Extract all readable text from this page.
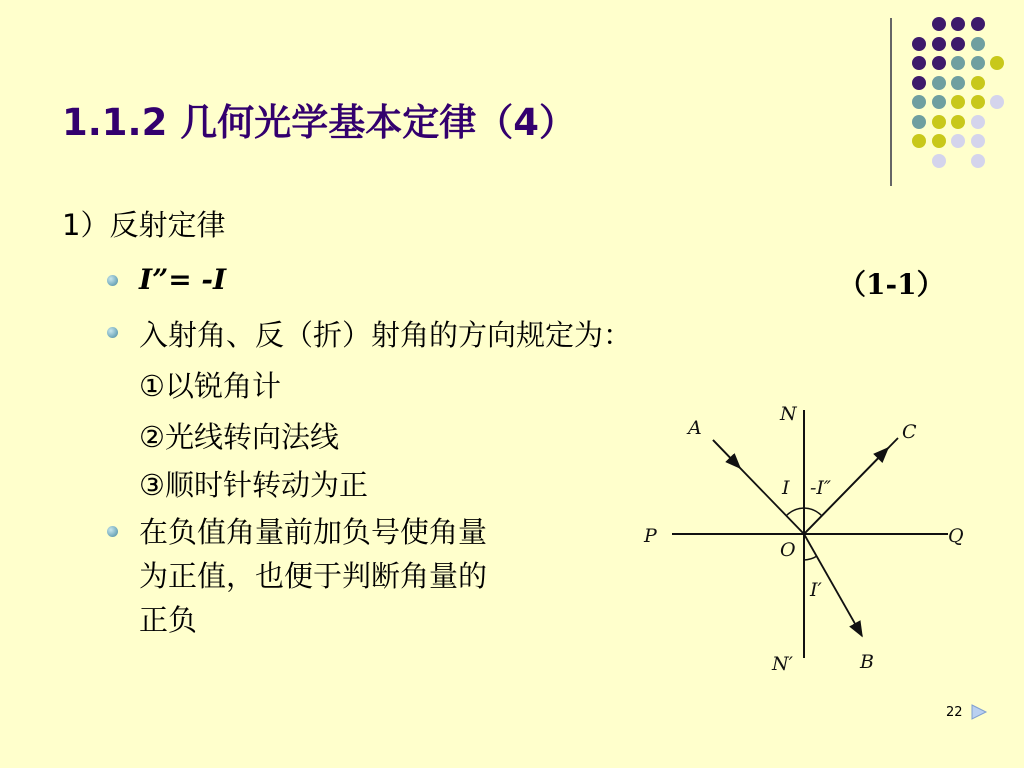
1.1.2 几何光学基本定律（4）
1）反射定律
I”= -I	（1-1）
入射角、反（折）射角的方向规定为：
①以锐角计
②光线转向法线
③顺时针转动为正
在负值角量前加负号使角量
为正值，也便于判断角量的
正负
A	C
N
I -I″
P	Q
O
I′
N′	B
22
